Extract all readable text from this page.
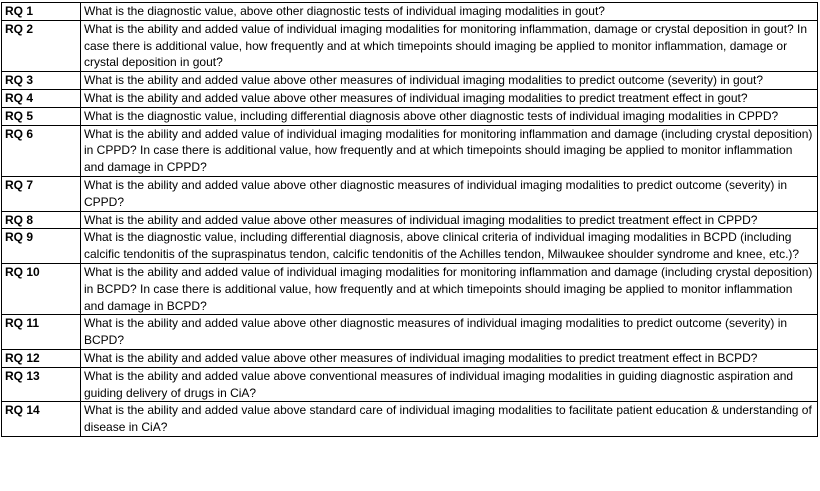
RQ 1	What is the diagnostic value, above other diagnostic tests of individual imaging modalities in gout?
RQ 2	What is the ability and added value of individual imaging modalities for monitoring inflammation, damage or crystal deposition in gout? In case there is additional value, how frequently and at which timepoints should imaging be applied to monitor inflammation, damage or crystal deposition in gout?
RQ 3	What is the ability and added value above other measures of individual imaging modalities to predict outcome (severity) in gout?
RQ 4	What is the ability and added value above other measures of individual imaging modalities to predict treatment effect in gout?
RQ 5	What is the diagnostic value, including differential diagnosis above other diagnostic tests of individual imaging modalities in CPPD?
RQ 6	What is the ability and added value of individual imaging modalities for monitoring inflammation and damage (including crystal deposition) in CPPD? In case there is additional value, how frequently and at which timepoints should imaging be applied to monitor inflammation and damage in CPPD?
RQ 7	What is the ability and added value above other diagnostic measures of individual imaging modalities to predict outcome (severity) in CPPD?
RQ 8	What is the ability and added value above other measures of individual imaging modalities to predict treatment effect in CPPD?
RQ 9	What is the diagnostic value, including differential diagnosis, above clinical criteria of individual imaging modalities in BCPD (including calcific tendonitis of the supraspinatus tendon, calcific tendonitis of the Achilles tendon, Milwaukee shoulder syndrome and knee, etc.)?
RQ 10	What is the ability and added value of individual imaging modalities for monitoring inflammation and damage (including crystal deposition) in BCPD? In case there is additional value, how frequently and at which timepoints should imaging be applied to monitor inflammation and damage in BCPD?
RQ 11	What is the ability and added value above other diagnostic measures of individual imaging modalities to predict outcome (severity) in BCPD?
RQ 12	What is the ability and added value above other measures of individual imaging modalities to predict treatment effect in BCPD?
RQ 13	What is the ability and added value above conventional measures of individual imaging modalities in guiding diagnostic aspiration and guiding delivery of drugs in CiA?
RQ 14	What is the ability and added value above standard care of individual imaging modalities to facilitate patient education & understanding of disease in CiA?
